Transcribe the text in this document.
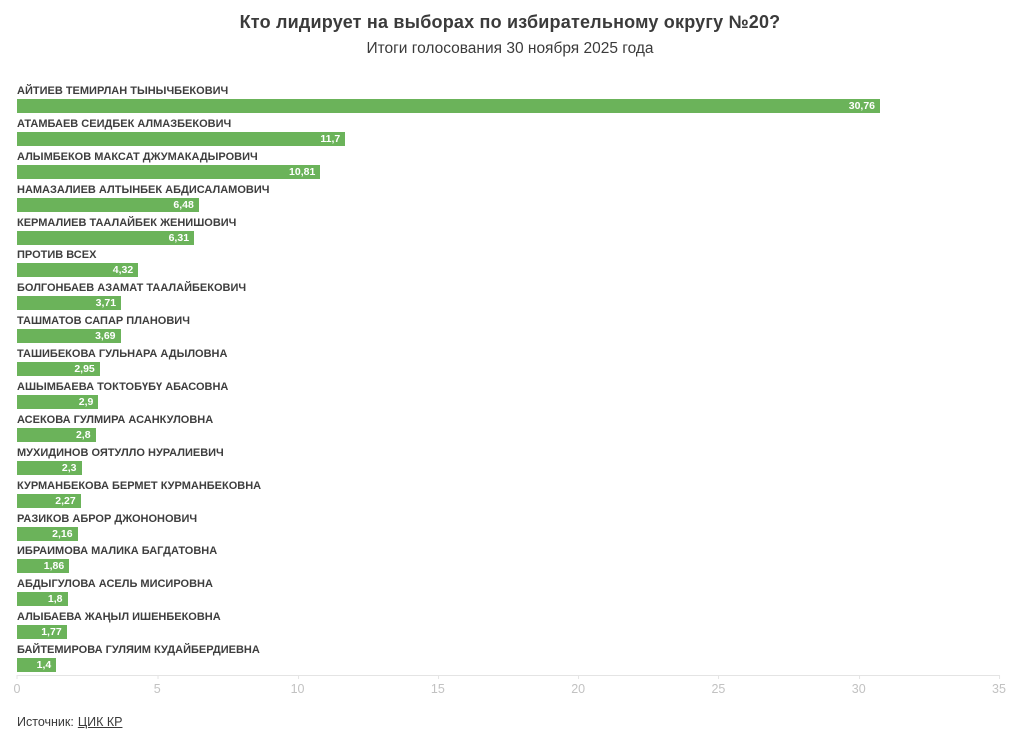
Кто лидирует на выборах по избирательному округу №20?
Итоги голосования 30 ноября 2025 года
АЙТИЕВ ТЕМИРЛАН ТЫНЫЧБЕКОВИЧ
30,76
АТАМБАЕВ СЕИДБЕК АЛМАЗБЕКОВИЧ
11,7
АЛЫМБЕКОВ МАКСАТ ДЖУМАКАДЫРОВИЧ
10,81
НАМАЗАЛИЕВ АЛТЫНБЕК АБДИСАЛАМОВИЧ
6,48
КЕРМАЛИЕВ ТААЛАЙБЕК ЖЕНИШОВИЧ
6,31
ПРОТИВ ВСЕХ
4,32
БОЛГОНБАЕВ АЗАМАТ ТААЛАЙБЕКОВИЧ
3,71
ТАШМАТОВ САПАР ПЛАНОВИЧ
3,69
ТАШИБЕКОВА ГУЛЬНАРА АДЫЛОВНА
2,95
АШЫМБАЕВА ТОКТОБҮБҮ АБАСОВНА
2,9
АСЕКОВА ГУЛМИРА АСАНКУЛОВНА
2,8
МУХИДИНОВ ОЯТУЛЛО НУРАЛИЕВИЧ
2,3
КУРМАНБЕКОВА БЕРМЕТ КУРМАНБЕКОВНА
2,27
РАЗИКОВ АБРОР ДЖОНОНОВИЧ
2,16
ИБРАИМОВА МАЛИКА БАГДАТОВНА
1,86
АБДЫГУЛОВА АСЕЛЬ МИСИРОВНА
1,8
АЛЫБАЕВА ЖАҢЫЛ ИШЕНБЕКОВНА
1,77
БАЙТЕМИРОВА ГУЛЯИМ КУДАЙБЕРДИЕВНА
1,4
0	5	10	15	20	25	30	35
Источник: ЦИК КР
